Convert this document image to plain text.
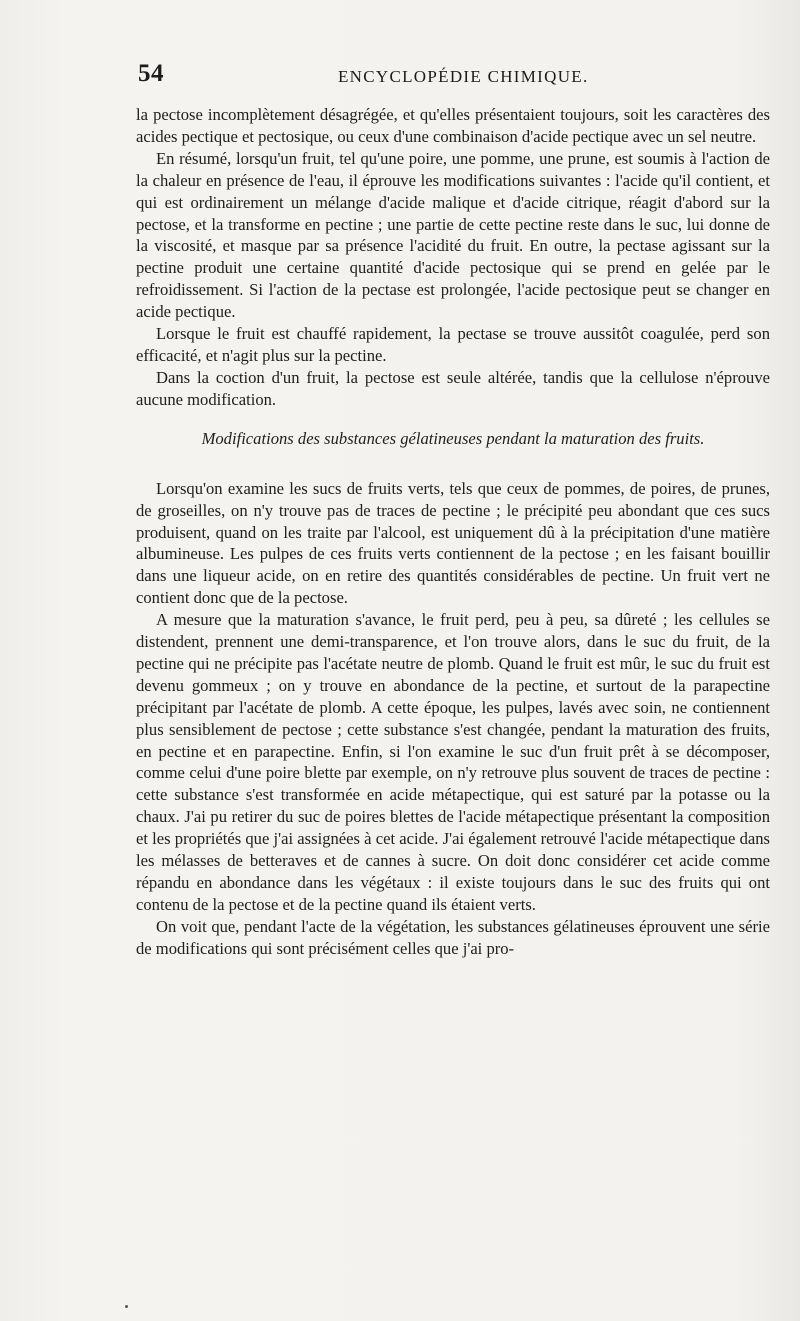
54	ENCYCLOPÉDIE CHIMIQUE.

la pectose incomplètement désagrégée, et qu'elles présentaient toujours, soit les caractères des acides pectique et pectosique, ou ceux d'une combinaison d'acide pectique avec un sel neutre.

En résumé, lorsqu'un fruit, tel qu'une poire, une pomme, une prune, est soumis à l'action de la chaleur en présence de l'eau, il éprouve les modifications suivantes : l'acide qu'il contient, et qui est ordinairement un mélange d'acide malique et d'acide citrique, réagit d'abord sur la pectose, et la transforme en pectine ; une partie de cette pectine reste dans le suc, lui donne de la viscosité, et masque par sa présence l'acidité du fruit. En outre, la pectase agissant sur la pectine produit une certaine quantité d'acide pectosique qui se prend en gelée par le refroidissement. Si l'action de la pectase est prolongée, l'acide pectosique peut se changer en acide pectique.

Lorsque le fruit est chauffé rapidement, la pectase se trouve aussitôt coagulée, perd son efficacité, et n'agit plus sur la pectine.

Dans la coction d'un fruit, la pectose est seule altérée, tandis que la cellulose n'éprouve aucune modification.

Modifications des substances gélatineuses pendant la maturation des fruits.

Lorsqu'on examine les sucs de fruits verts, tels que ceux de pommes, de poires, de prunes, de groseilles, on n'y trouve pas de traces de pectine ; le précipité peu abondant que ces sucs produisent, quand on les traite par l'alcool, est uniquement dû à la précipitation d'une matière albumineuse. Les pulpes de ces fruits verts contiennent de la pectose ; en les faisant bouillir dans une liqueur acide, on en retire des quantités considérables de pectine. Un fruit vert ne contient donc que de la pectose.

A mesure que la maturation s'avance, le fruit perd, peu à peu, sa dûreté ; les cellules se distendent, prennent une demi-transparence, et l'on trouve alors, dans le suc du fruit, de la pectine qui ne précipite pas l'acétate neutre de plomb. Quand le fruit est mûr, le suc du fruit est devenu gommeux ; on y trouve en abondance de la pectine, et surtout de la parapectine précipitant par l'acétate de plomb. A cette époque, les pulpes, lavés avec soin, ne contiennent plus sensiblement de pectose ; cette substance s'est changée, pendant la maturation des fruits, en pectine et en parapectine. Enfin, si l'on examine le suc d'un fruit prêt à se décomposer, comme celui d'une poire blette par exemple, on n'y retrouve plus souvent de traces de pectine : cette substance s'est transformée en acide métapectique, qui est saturé par la potasse ou la chaux. J'ai pu retirer du suc de poires blettes de l'acide métapectique présentant la composition et les propriétés que j'ai assignées à cet acide. J'ai également retrouvé l'acide métapectique dans les mélasses de betteraves et de cannes à sucre. On doit donc considérer cet acide comme répandu en abondance dans les végétaux : il existe toujours dans le suc des fruits qui ont contenu de la pectose et de la pectine quand ils étaient verts.

On voit que, pendant l'acte de la végétation, les substances gélatineuses éprouvent une série de modifications qui sont précisément celles que j'ai pro-
